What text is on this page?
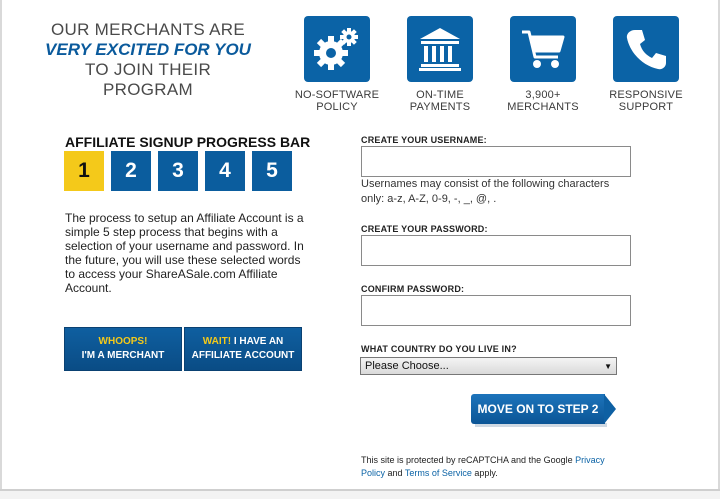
OUR MERCHANTS ARE
VERY EXCITED FOR YOU
TO JOIN THEIR PROGRAM	NO-SOFTWARE
POLICY
ON-TIME
PAYMENTS
3,900+
MERCHANTS
RESPONSIVE
SUPPORT
AFFILIATE SIGNUP PROGRESS BAR
1	2	3	4	5
The process to setup an Affiliate Account is a simple 5 step process that begins with a selection of your username and password. In the future, you will use these selected words to access your ShareASale.com Affiliate Account.
WHOOPS!
I'M A MERCHANT
WAIT! I HAVE AN
AFFILIATE ACCOUNT
CREATE YOUR USERNAME:
Usernames may consist of the following characters only: a-z, A-Z, 0-9, -, _, @, .
CREATE YOUR PASSWORD:
CONFIRM PASSWORD:
WHAT COUNTRY DO YOU LIVE IN?
Please Choose...	▼
MOVE ON TO STEP 2
This site is protected by reCAPTCHA and the Google Privacy Policy and Terms of Service apply.
